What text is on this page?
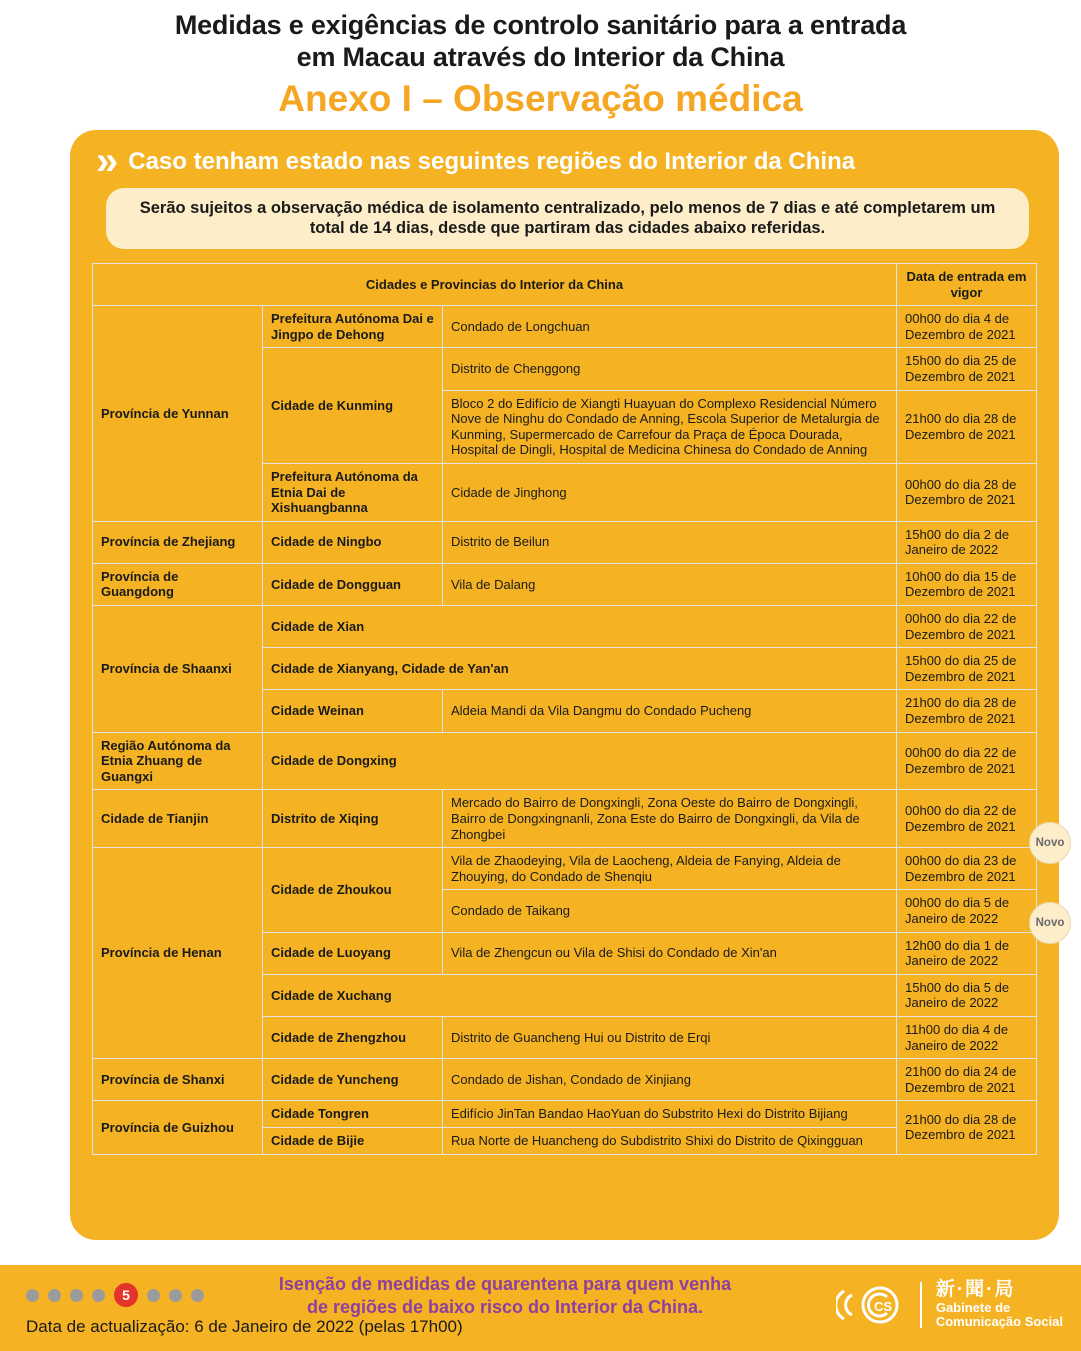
Medidas e exigências de controlo sanitário para a entrada
em Macau através do Interior da China
Anexo I – Observação médica
» Caso tenham estado nas seguintes regiões do Interior da China
Serão sujeitos a observação médica de isolamento centralizado, pelo menos de 7 dias e até completarem um total de 14 dias, desde que partiram das cidades abaixo referidas.
Cidades e Provincias do Interior da China			Data de entrada em vigor
Província de Yunnan	Prefeitura Autónoma Dai e Jingpo de Dehong	Condado de Longchuan	00h00 do dia 4 de Dezembro de 2021
	Cidade de Kunming	Distrito de Chenggong	15h00 do dia 25 de Dezembro de 2021
		Bloco 2 do Edifício de Xiangti Huayuan do Complexo Residencial Número Nove de Ninghu do Condado de Anning, Escola Superior de Metalurgia de Kunming, Supermercado de Carrefour da Praça de Época Dourada, Hospital de Dingli, Hospital de Medicina Chinesa do Condado de Anning	21h00 do dia 28 de Dezembro de 2021
	Prefeitura Autónoma da Etnia Dai de Xishuangbanna	Cidade de Jinghong	00h00 do dia 28 de Dezembro de 2021
Província de Zhejiang	Cidade de Ningbo	Distrito de Beilun	15h00 do dia 2 de Janeiro de 2022
Província de Guangdong	Cidade de Dongguan	Vila de Dalang	10h00 do dia 15 de Dezembro de 2021
Província de Shaanxi	Cidade de Xian		00h00 do dia 22 de Dezembro de 2021
	Cidade de Xianyang, Cidade de Yan'an		15h00 do dia 25 de Dezembro de 2021
	Cidade Weinan	Aldeia Mandi da Vila Dangmu do Condado Pucheng	21h00 do dia 28 de Dezembro de 2021
Região Autónoma da Etnia Zhuang de Guangxi	Cidade de Dongxing		00h00 do dia 22 de Dezembro de 2021
Cidade de Tianjin	Distrito de Xiqing	Mercado do Bairro de Dongxingli, Zona Oeste do Bairro de Dongxingli, Bairro de Dongxingnanli, Zona Este do Bairro de Dongxingli, da Vila de Zhongbei	00h00 do dia 22 de Dezembro de 2021
Província de Henan	Cidade de Zhoukou	Vila de Zhaodeying, Vila de Laocheng, Aldeia de Fanying, Aldeia de Zhouying, do Condado de Shenqiu	00h00 do dia 23 de Dezembro de 2021
		Condado de Taikang	00h00 do dia 5 de Janeiro de 2022
	Cidade de Luoyang	Vila de Zhengcun ou Vila de Shisi do Condado de Xin'an	12h00 do dia 1 de Janeiro de 2022
	Cidade de Xuchang		15h00 do dia 5 de Janeiro de 2022
	Cidade de Zhengzhou	Distrito de Guancheng Hui ou Distrito de Erqi	11h00 do dia 4 de Janeiro de 2022
Província de Shanxi	Cidade de Yuncheng	Condado de Jishan, Condado de Xinjiang	21h00 do dia 24 de Dezembro de 2021
Província de Guizhou	Cidade Tongren	Edifício JinTan Bandao HaoYuan do Substrito Hexi do Distrito Bijiang	21h00 do dia 28 de Dezembro de 2021
	Cidade de Bijie	Rua Norte de Huancheng do Subdistrito Shixi do Distrito de Qixingguan	
Novo
Novo
5
Isenção de medidas de quarentena para quem venha
de regiões de baixo risco do Interior da China.
Data de actualização: 6 de Janeiro de 2022 (pelas 17h00)
CS
新·聞·局
Gabinete de
Comunicação Social
